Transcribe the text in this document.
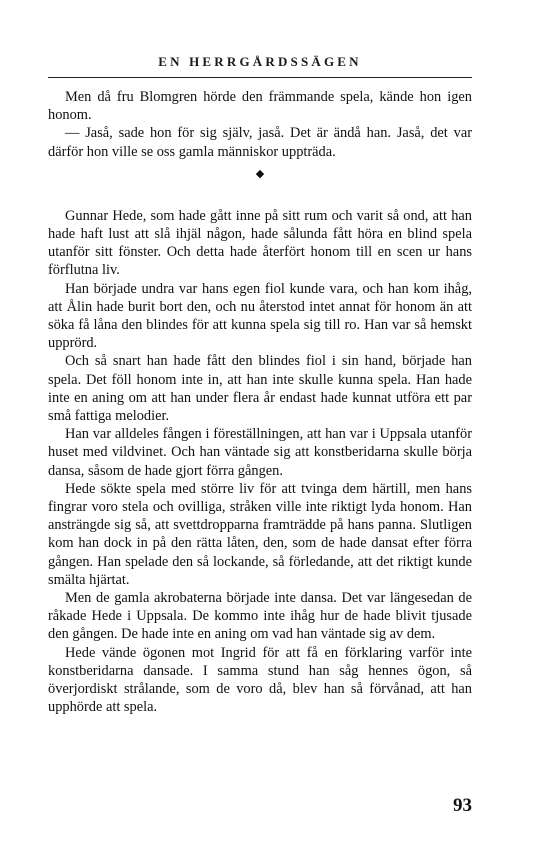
EN HERRGÅRDSSÄGEN

Men då fru Blomgren hörde den främmande spela, kände hon igen honom.

— Jaså, sade hon för sig själv, jaså. Det är ändå han. Jaså, det var därför hon ville se oss gamla människor uppträda.

◆

Gunnar Hede, som hade gått inne på sitt rum och varit så ond, att han hade haft lust att slå ihjäl någon, hade sålunda fått höra en blind spela utanför sitt fönster. Och detta hade återfört honom till en scen ur hans förflutna liv.

Han började undra var hans egen fiol kunde vara, och han kom ihåg, att Ålin hade burit bort den, och nu återstod intet annat för honom än att söka få låna den blindes för att kunna spela sig till ro. Han var så hemskt upprörd.

Och så snart han hade fått den blindes fiol i sin hand, började han spela. Det föll honom inte in, att han inte skulle kunna spela. Han hade inte en aning om att han under flera år endast hade kunnat utföra ett par små fattiga melodier.

Han var alldeles fången i föreställningen, att han var i Uppsala utanför huset med vildvinet. Och han väntade sig att konstberidarna skulle börja dansa, såsom de hade gjort förra gången.

Hede sökte spela med större liv för att tvinga dem härtill, men hans fingrar voro stela och ovilliga, stråken ville inte riktigt lyda honom. Han ansträngde sig så, att svettdropparna framträdde på hans panna. Slutligen kom han dock in på den rätta låten, den, som de hade dansat efter förra gången. Han spelade den så lockande, så förledande, att det riktigt kunde smälta hjärtat.

Men de gamla akrobaterna började inte dansa. Det var längesedan de råkade Hede i Uppsala. De kommo inte ihåg hur de hade blivit tjusade den gången. De hade inte en aning om vad han väntade sig av dem.

Hede vände ögonen mot Ingrid för att få en förklaring varför inte konstberidarna dansade. I samma stund han såg hennes ögon, så överjordiskt strålande, som de voro då, blev han så förvånad, att han upphörde att spela.

93
